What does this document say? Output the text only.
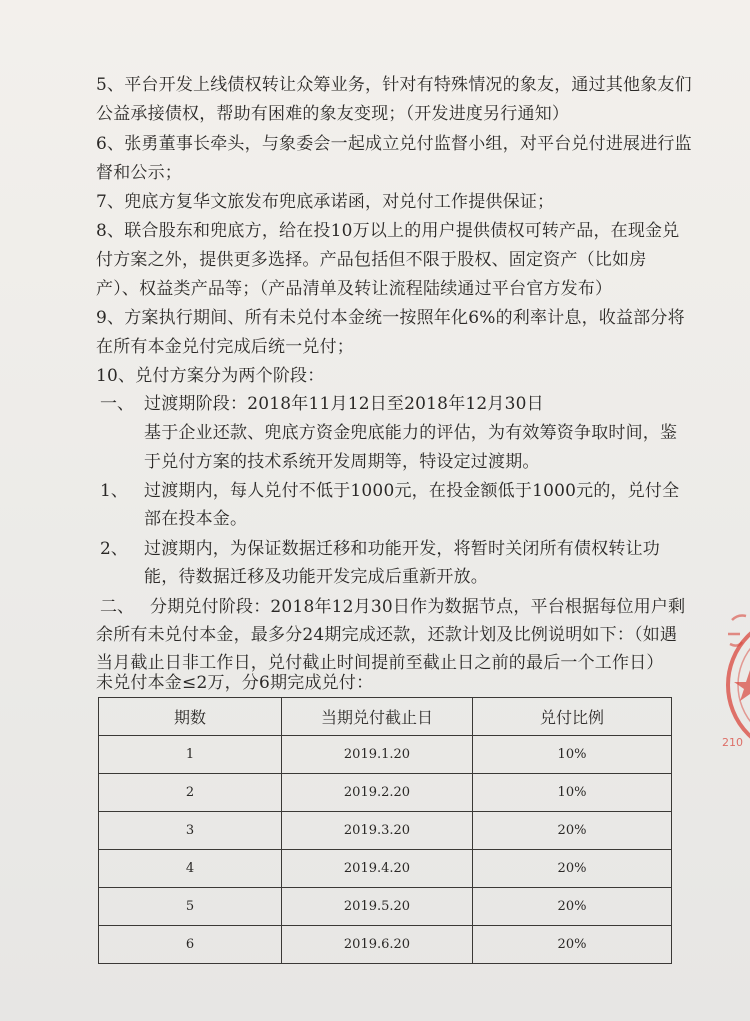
5、平台开发上线债权转让众筹业务，针对有特殊情况的象友，通过其他象友们
公益承接债权，帮助有困难的象友变现；（开发进度另行通知）
6、张勇董事长牵头，与象委会一起成立兑付监督小组，对平台兑付进展进行监
督和公示；
7、兜底方复华文旅发布兜底承诺函，对兑付工作提供保证；
8、联合股东和兜底方，给在投10万以上的用户提供债权可转产品，在现金兑
付方案之外，提供更多选择。产品包括但不限于股权、固定资产（比如房
产）、权益类产品等；（产品清单及转让流程陆续通过平台官方发布）
9、方案执行期间、所有未兑付本金统一按照年化6%的利率计息，收益部分将
在所有本金兑付完成后统一兑付；
10、兑付方案分为两个阶段：
一、 过渡期阶段：2018年11月12日至2018年12月30日
基于企业还款、兜底方资金兜底能力的评估，为有效筹资争取时间，鉴
于兑付方案的技术系统开发周期等，特设定过渡期。
1、 过渡期内，每人兑付不低于1000元，在投金额低于1000元的，兑付全
部在投本金。
2、 过渡期内，为保证数据迁移和功能开发，将暂时关闭所有债权转让功
能，待数据迁移及功能开发完成后重新开放。
二、 分期兑付阶段：2018年12月30日作为数据节点，平台根据每位用户剩
余所有未兑付本金，最多分24期完成还款，还款计划及比例说明如下：（如遇
当月截止日非工作日，兑付截止时间提前至截止日之前的最后一个工作日）
未兑付本金≤2万，分6期完成兑付：
期数	当期兑付截止日	兑付比例
1	2019.1.20	10%
2	2019.2.20	10%
3	2019.3.20	20%
4	2019.4.20	20%
5	2019.5.20	20%
6	2019.6.20	20%
210
